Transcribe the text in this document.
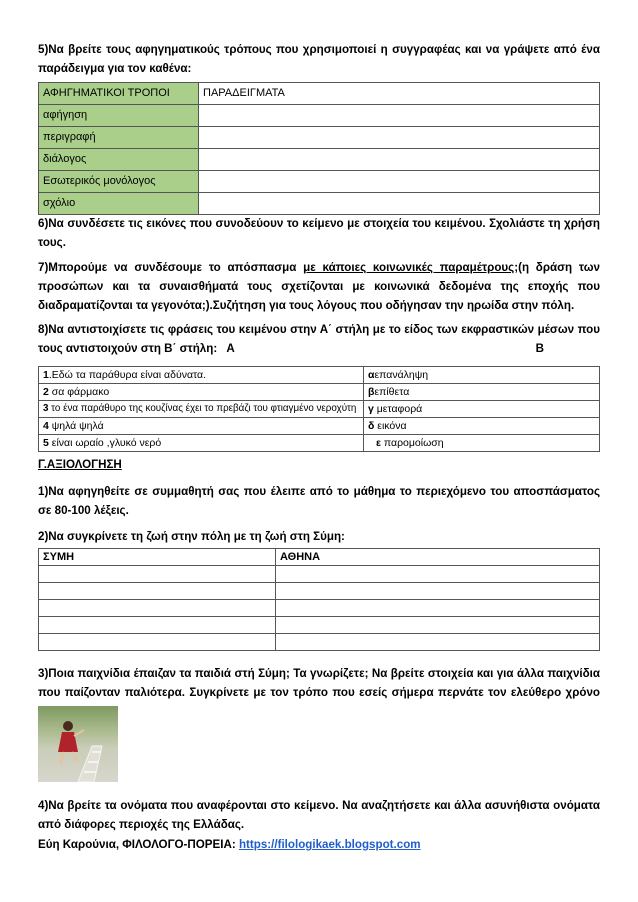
5)Να βρείτε τους αφηγηματικούς τρόπους που χρησιμοποιεί η συγγραφέας και να γράψετε από ένα παράδειγμα για τον καθένα:
ΑΦΗΓΗΜΑΤΙΚΟΙ ΤΡΟΠΟΙ	ΠΑΡΑΔΕΙΓΜΑΤΑ
αφήγηση	
περιγραφή	
διάλογος	
Εσωτερικός μονόλογος	
σχόλιο	
6)Να συνδέσετε τις εικόνες που συνοδεύουν το κείμενο με στοιχεία του κειμένου. Σχολιάστε τη χρήση τους.
7)Μπορούμε να συνδέσουμε το απόσπασμα με κάποιες κοινωνικές παραμέτρους;(η δράση των προσώπων και τα συναισθήματά τους σχετίζονται με κοινωνικά δεδομένα της εποχής που διαδραματίζονται τα γεγονότα;).Συζήτηση για τους λόγους που οδήγησαν την ηρωίδα στην πόλη.
8)Να αντιστοιχίσετε τις φράσεις του κειμένου στην Α΄ στήλη με το είδος των εκφραστικών μέσων που τους αντιστοιχούν στη Β΄ στήλη: Α	Β
1.Εδώ τα παράθυρα είναι αδύνατα.	αεπανάληψη
2 σα φάρμακο	βεπίθετα
3 το ένα παράθυρο της κουζίνας έχει το πρεβάζι του φτιαγμένο νεροχύτη	γ μεταφορά
4 ψηλά ψηλά	δ εικόνα
5 είναι ωραίο ,γλυκό νερό	ε παρομοίωση
Γ.ΑΞΙΟΛΟΓΗΣΗ
1)Να αφηγηθείτε σε συμμαθητή σας που έλειπε από το μάθημα το περιεχόμενο του αποσπάσματος σε 80-100 λέξεις.
2)Να συγκρίνετε τη ζωή στην πόλη με τη ζωή στη Σύμη:
ΣΥΜΗ	ΑΘΗΝΑ

3)Ποια παιχνίδια έπαιζαν τα παιδιά στή Σύμη; Τα γνωρίζετε; Να βρείτε στοιχεία και για άλλα παιχνίδια που παίζονταν παλιότερα. Συγκρίνετε με τον τρόπο που εσείς σήμερα περνάτε τον ελεύθερο χρόνο
4)Να βρείτε τα ονόματα που αναφέρονται στο κείμενο. Να αναζητήσετε και άλλα ασυνήθιστα ονόματα από διάφορες περιοχές της Ελλάδας.
Εύη Καρούνια, ΦΙΛΟΛΟΓΟ-ΠΟΡΕΙΑ: https://filologikaek.blogspot.com
